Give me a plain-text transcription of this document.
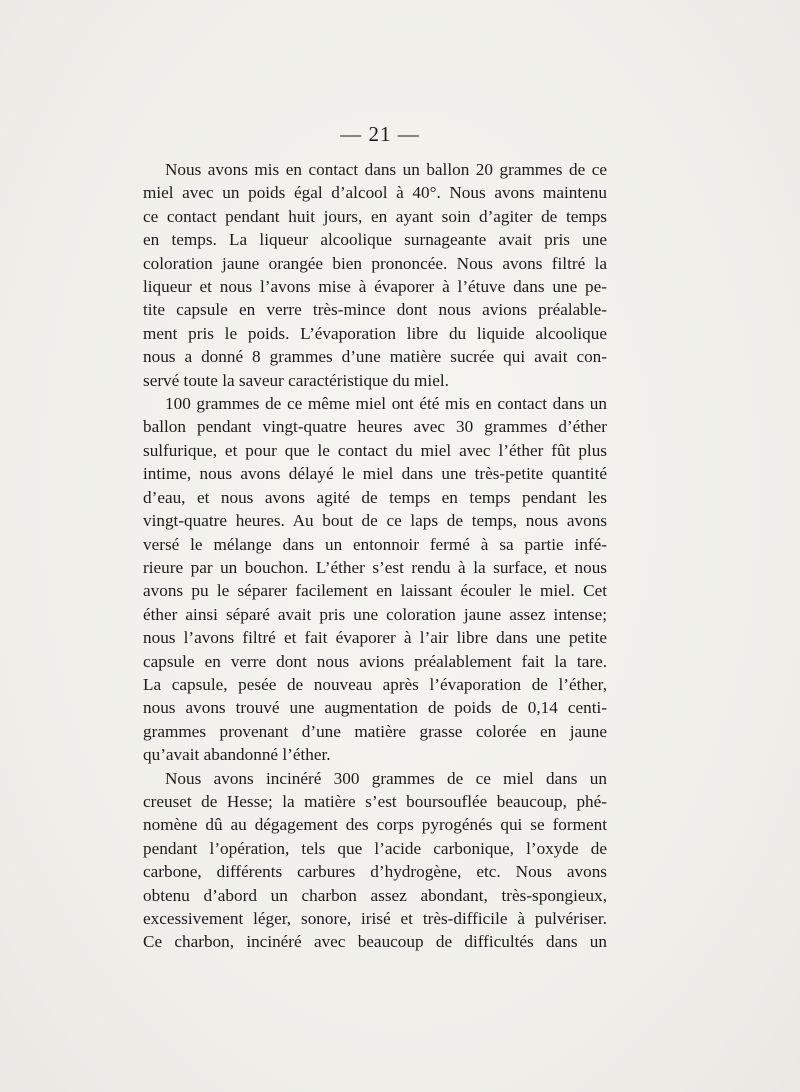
— 21 —

Nous avons mis en contact dans un ballon 20 grammes de ce
miel avec un poids égal d’alcool à 40°. Nous avons maintenu
ce contact pendant huit jours, en ayant soin d’agiter de temps
en temps. La liqueur alcoolique surnageante avait pris une
coloration jaune orangée bien prononcée. Nous avons filtré la
liqueur et nous l’avons mise à évaporer à l’étuve dans une pe-
tite capsule en verre très-mince dont nous avions préalable-
ment pris le poids. L’évaporation libre du liquide alcoolique
nous a donné 8 grammes d’une matière sucrée qui avait con-
servé toute la saveur caractéristique du miel.

100 grammes de ce même miel ont été mis en contact dans un
ballon pendant vingt-quatre heures avec 30 grammes d’éther
sulfurique, et pour que le contact du miel avec l’éther fût plus
intime, nous avons délayé le miel dans une très-petite quantité
d’eau, et nous avons agité de temps en temps pendant les
vingt-quatre heures. Au bout de ce laps de temps, nous avons
versé le mélange dans un entonnoir fermé à sa partie infé-
rieure par un bouchon. L’éther s’est rendu à la surface, et nous
avons pu le séparer facilement en laissant écouler le miel. Cet
éther ainsi séparé avait pris une coloration jaune assez intense;
nous l’avons filtré et fait évaporer à l’air libre dans une petite
capsule en verre dont nous avions préalablement fait la tare.
La capsule, pesée de nouveau après l’évaporation de l’éther,
nous avons trouvé une augmentation de poids de 0,14 centi-
grammes provenant d’une matière grasse colorée en jaune
qu’avait abandonné l’éther.

Nous avons incinéré 300 grammes de ce miel dans un
creuset de Hesse; la matière s’est boursouflée beaucoup, phé-
nomène dû au dégagement des corps pyrogénés qui se forment
pendant l’opération, tels que l’acide carbonique, l’oxyde de
carbone, différents carbures d’hydrogène, etc. Nous avons
obtenu d’abord un charbon assez abondant, très-spongieux,
excessivement léger, sonore, irisé et très-difficile à pulvériser.
Ce charbon, incinéré avec beaucoup de difficultés dans un
